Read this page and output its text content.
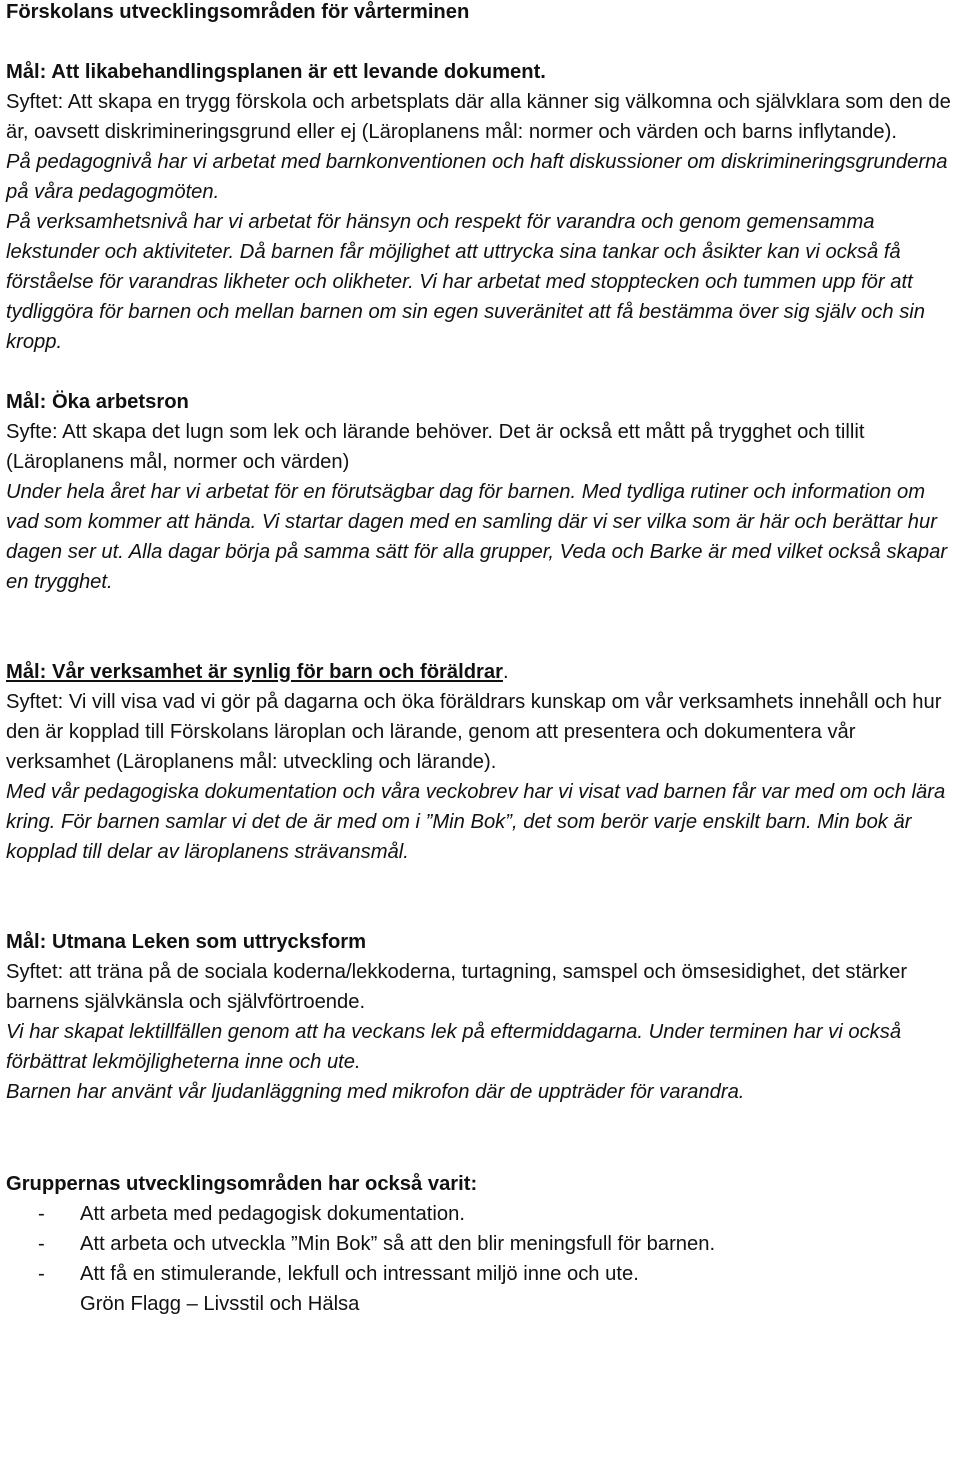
Förskolans utvecklingsområden för vårterminen

Mål: Att likabehandlingsplanen är ett levande dokument.

Syftet: Att skapa en trygg förskola och arbetsplats där alla känner sig välkomna och självklara som den de är, oavsett diskrimineringsgrund eller ej (Läroplanens mål: normer och värden och barns inflytande).

På pedagognivå har vi arbetat med barnkonventionen och haft diskussioner om diskrimineringsgrunderna på våra pedagogmöten.

På verksamhetsnivå har vi arbetat för hänsyn och respekt för varandra och genom gemensamma lekstunder och aktiviteter. Då barnen får möjlighet att uttrycka sina tankar och åsikter kan vi också få förståelse för varandras likheter och olikheter. Vi har arbetat med stopptecken och tummen upp för att tydliggöra för barnen och mellan barnen om sin egen suveränitet att få bestämma över sig själv och sin kropp.

Mål: Öka arbetsron

Syfte: Att skapa det lugn som lek och lärande behöver. Det är också ett mått på trygghet och tillit (Läroplanens mål, normer och värden)

Under hela året har vi arbetat för en förutsägbar dag för barnen. Med tydliga rutiner och information om vad som kommer att hända. Vi startar dagen med en samling där vi ser vilka som är här och berättar hur dagen ser ut. Alla dagar börja på samma sätt för alla grupper, Veda och Barke är med vilket också skapar en trygghet.

Mål: Vår verksamhet är synlig för barn och föräldrar.

Syftet: Vi vill visa vad vi gör på dagarna och öka föräldrars kunskap om vår verksamhets innehåll och hur den är kopplad till Förskolans läroplan och lärande, genom att presentera och dokumentera vår verksamhet (Läroplanens mål: utveckling och lärande).

Med vår pedagogiska dokumentation och våra veckobrev har vi visat vad barnen får var med om och lära kring. För barnen samlar vi det de är med om i ”Min Bok”, det som berör varje enskilt barn. Min bok är kopplad till delar av läroplanens strävansmål.

Mål: Utmana Leken som uttrycksform

Syftet: att träna på de sociala koderna/lekkoderna, turtagning, samspel och ömsesidighet, det stärker barnens självkänsla och självförtroende.

Vi har skapat lektillfällen genom att ha veckans lek på eftermiddagarna. Under terminen har vi också förbättrat lekmöjligheterna inne och ute.

Barnen har använt vår ljudanläggning med mikrofon där de uppträder för varandra.

Gruppernas utvecklingsområden har också varit:

- Att arbeta med pedagogisk dokumentation.
- Att arbeta och utveckla ”Min Bok” så att den blir meningsfull för barnen.
- Att få en stimulerande, lekfull och intressant miljö inne och ute.

Grön Flagg – Livsstil och Hälsa
